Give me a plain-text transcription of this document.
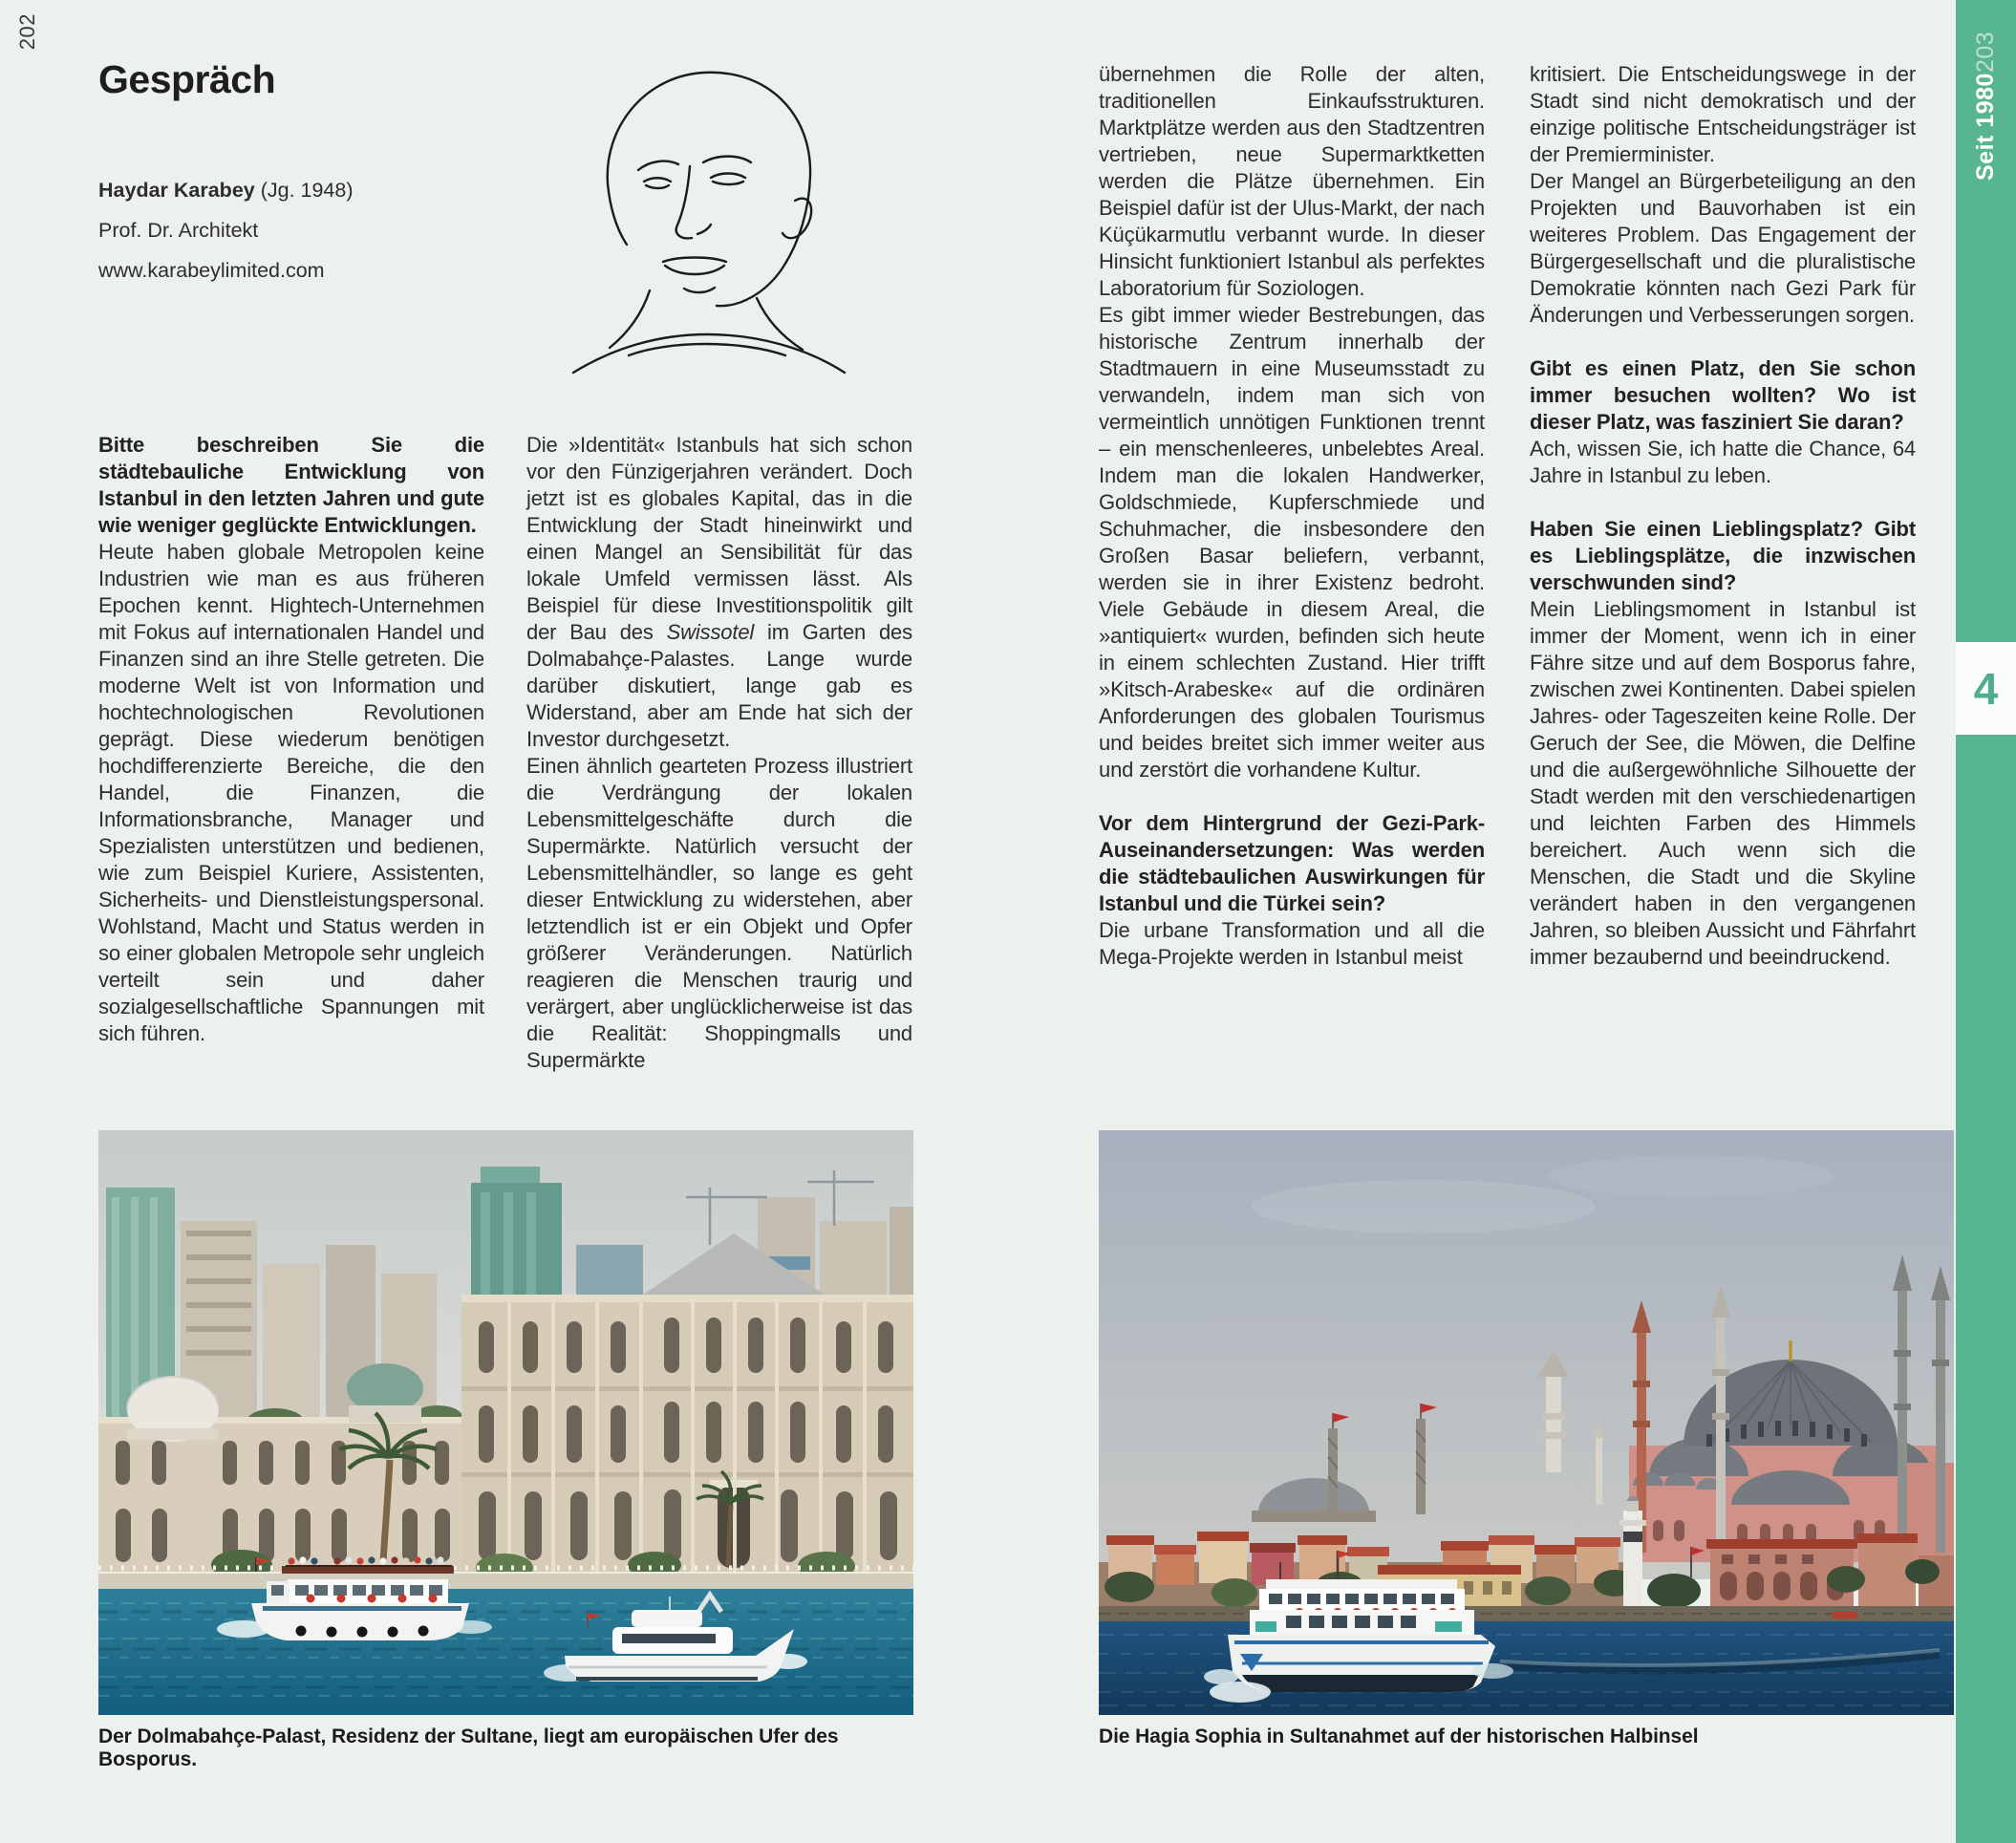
202
Gespräch
Haydar Karabey (Jg. 1948)
Prof. Dr. Architekt
www.karabeylimited.com

Bitte beschreiben Sie die städtebauliche Entwicklung von Istanbul in den letzten Jahren und gute wie weniger geglückte Entwicklungen.

Heute haben globale Metropolen keine Industrien wie man es aus früheren Epochen kennt. Hightech-Unternehmen mit Fokus auf internationalen Handel und Finanzen sind an ihre Stelle getreten. Die moderne Welt ist von Information und hochtechnologischen Revolutionen geprägt. Diese wiederum benötigen hochdifferenzierte Bereiche, die den Handel, die Finanzen, die Informationsbranche, Manager und Spezialisten unterstützen und bedienen, wie zum Beispiel Kuriere, Assistenten, Sicherheits- und Dienstleistungspersonal. Wohlstand, Macht und Status werden in so einer globalen Metropole sehr ungleich verteilt sein und daher sozialgesellschaftliche Spannungen mit sich führen.

Die »Identität« Istanbuls hat sich schon vor den Fünzigerjahren verändert. Doch jetzt ist es globales Kapital, das in die Entwicklung der Stadt hineinwirkt und einen Mangel an Sensibilität für das lokale Umfeld vermissen lässt. Als Beispiel für diese Investitionspolitik gilt der Bau des Swissotel im Garten des Dolmabahçe-Palastes. Lange wurde darüber diskutiert, lange gab es Widerstand, aber am Ende hat sich der Investor durchgesetzt.

Einen ähnlich gearteten Prozess illustriert die Verdrängung der lokalen Lebensmittelgeschäfte durch die Supermärkte. Natürlich versucht der Lebensmittelhändler, so lange es geht dieser Entwicklung zu widerstehen, aber letztendlich ist er ein Objekt und Opfer größerer Veränderungen. Natürlich reagieren die Menschen traurig und verärgert, aber unglücklicherweise ist das die Realität: Shoppingmalls und Supermärkte

übernehmen die Rolle der alten, traditionellen Einkaufsstrukturen. Marktplätze werden aus den Stadtzentren vertrieben, neue Supermarktketten werden die Plätze übernehmen. Ein Beispiel dafür ist der Ulus-Markt, der nach Küçükarmutlu verbannt wurde. In dieser Hinsicht funktioniert Istanbul als perfektes Laboratorium für Soziologen.

Es gibt immer wieder Bestrebungen, das historische Zentrum innerhalb der Stadtmauern in eine Museumsstadt zu verwandeln, indem man sich von vermeintlich unnötigen Funktionen trennt – ein menschenleeres, unbelebtes Areal. Indem man die lokalen Handwerker, Goldschmiede, Kupferschmiede und Schuhmacher, die insbesondere den Großen Basar beliefern, verbannt, werden sie in ihrer Existenz bedroht. Viele Gebäude in diesem Areal, die »antiquiert« wurden, befinden sich heute in einem schlechten Zustand. Hier trifft »Kitsch-Arabeske« auf die ordinären Anforderungen des globalen Tourismus und beides breitet sich immer weiter aus und zerstört die vorhandene Kultur.

Vor dem Hintergrund der Gezi-Park-Auseinandersetzungen: Was werden die städtebaulichen Auswirkungen für Istanbul und die Türkei sein?

Die urbane Transformation und all die Mega-Projekte werden in Istanbul meist

kritisiert. Die Entscheidungswege in der Stadt sind nicht demokratisch und der einzige politische Entscheidungsträger ist der Premierminister.

Der Mangel an Bürgerbeteiligung an den Projekten und Bauvorhaben ist ein weiteres Problem. Das Engagement der Bürgergesellschaft und die pluralistische Demokratie könnten nach Gezi Park für Änderungen und Verbesserungen sorgen.

Gibt es einen Platz, den Sie schon immer besuchen wollten? Wo ist dieser Platz, was fasziniert Sie daran?

Ach, wissen Sie, ich hatte die Chance, 64 Jahre in Istanbul zu leben.

Haben Sie einen Lieblingsplatz? Gibt es Lieblingsplätze, die inzwischen verschwunden sind?

Mein Lieblingsmoment in Istanbul ist immer der Moment, wenn ich in einer Fähre sitze und auf dem Bosporus fahre, zwischen zwei Kontinenten. Dabei spielen Jahres- oder Tageszeiten keine Rolle. Der Geruch der See, die Möwen, die Delfine und die außergewöhnliche Silhouette der Stadt werden mit den verschiedenartigen und leichten Farben des Himmels bereichert. Auch wenn sich die Menschen, die Stadt und die Skyline verändert haben in den vergangenen Jahren, so bleiben Aussicht und Fährfahrt immer bezaubernd und beeindruckend.

Der Dolmabahçe-Palast, Residenz der Sultane, liegt am europäischen Ufer des Bosporus.
Die Hagia Sophia in Sultanahmet auf der historischen Halbinsel
Seit 1980
203
4
